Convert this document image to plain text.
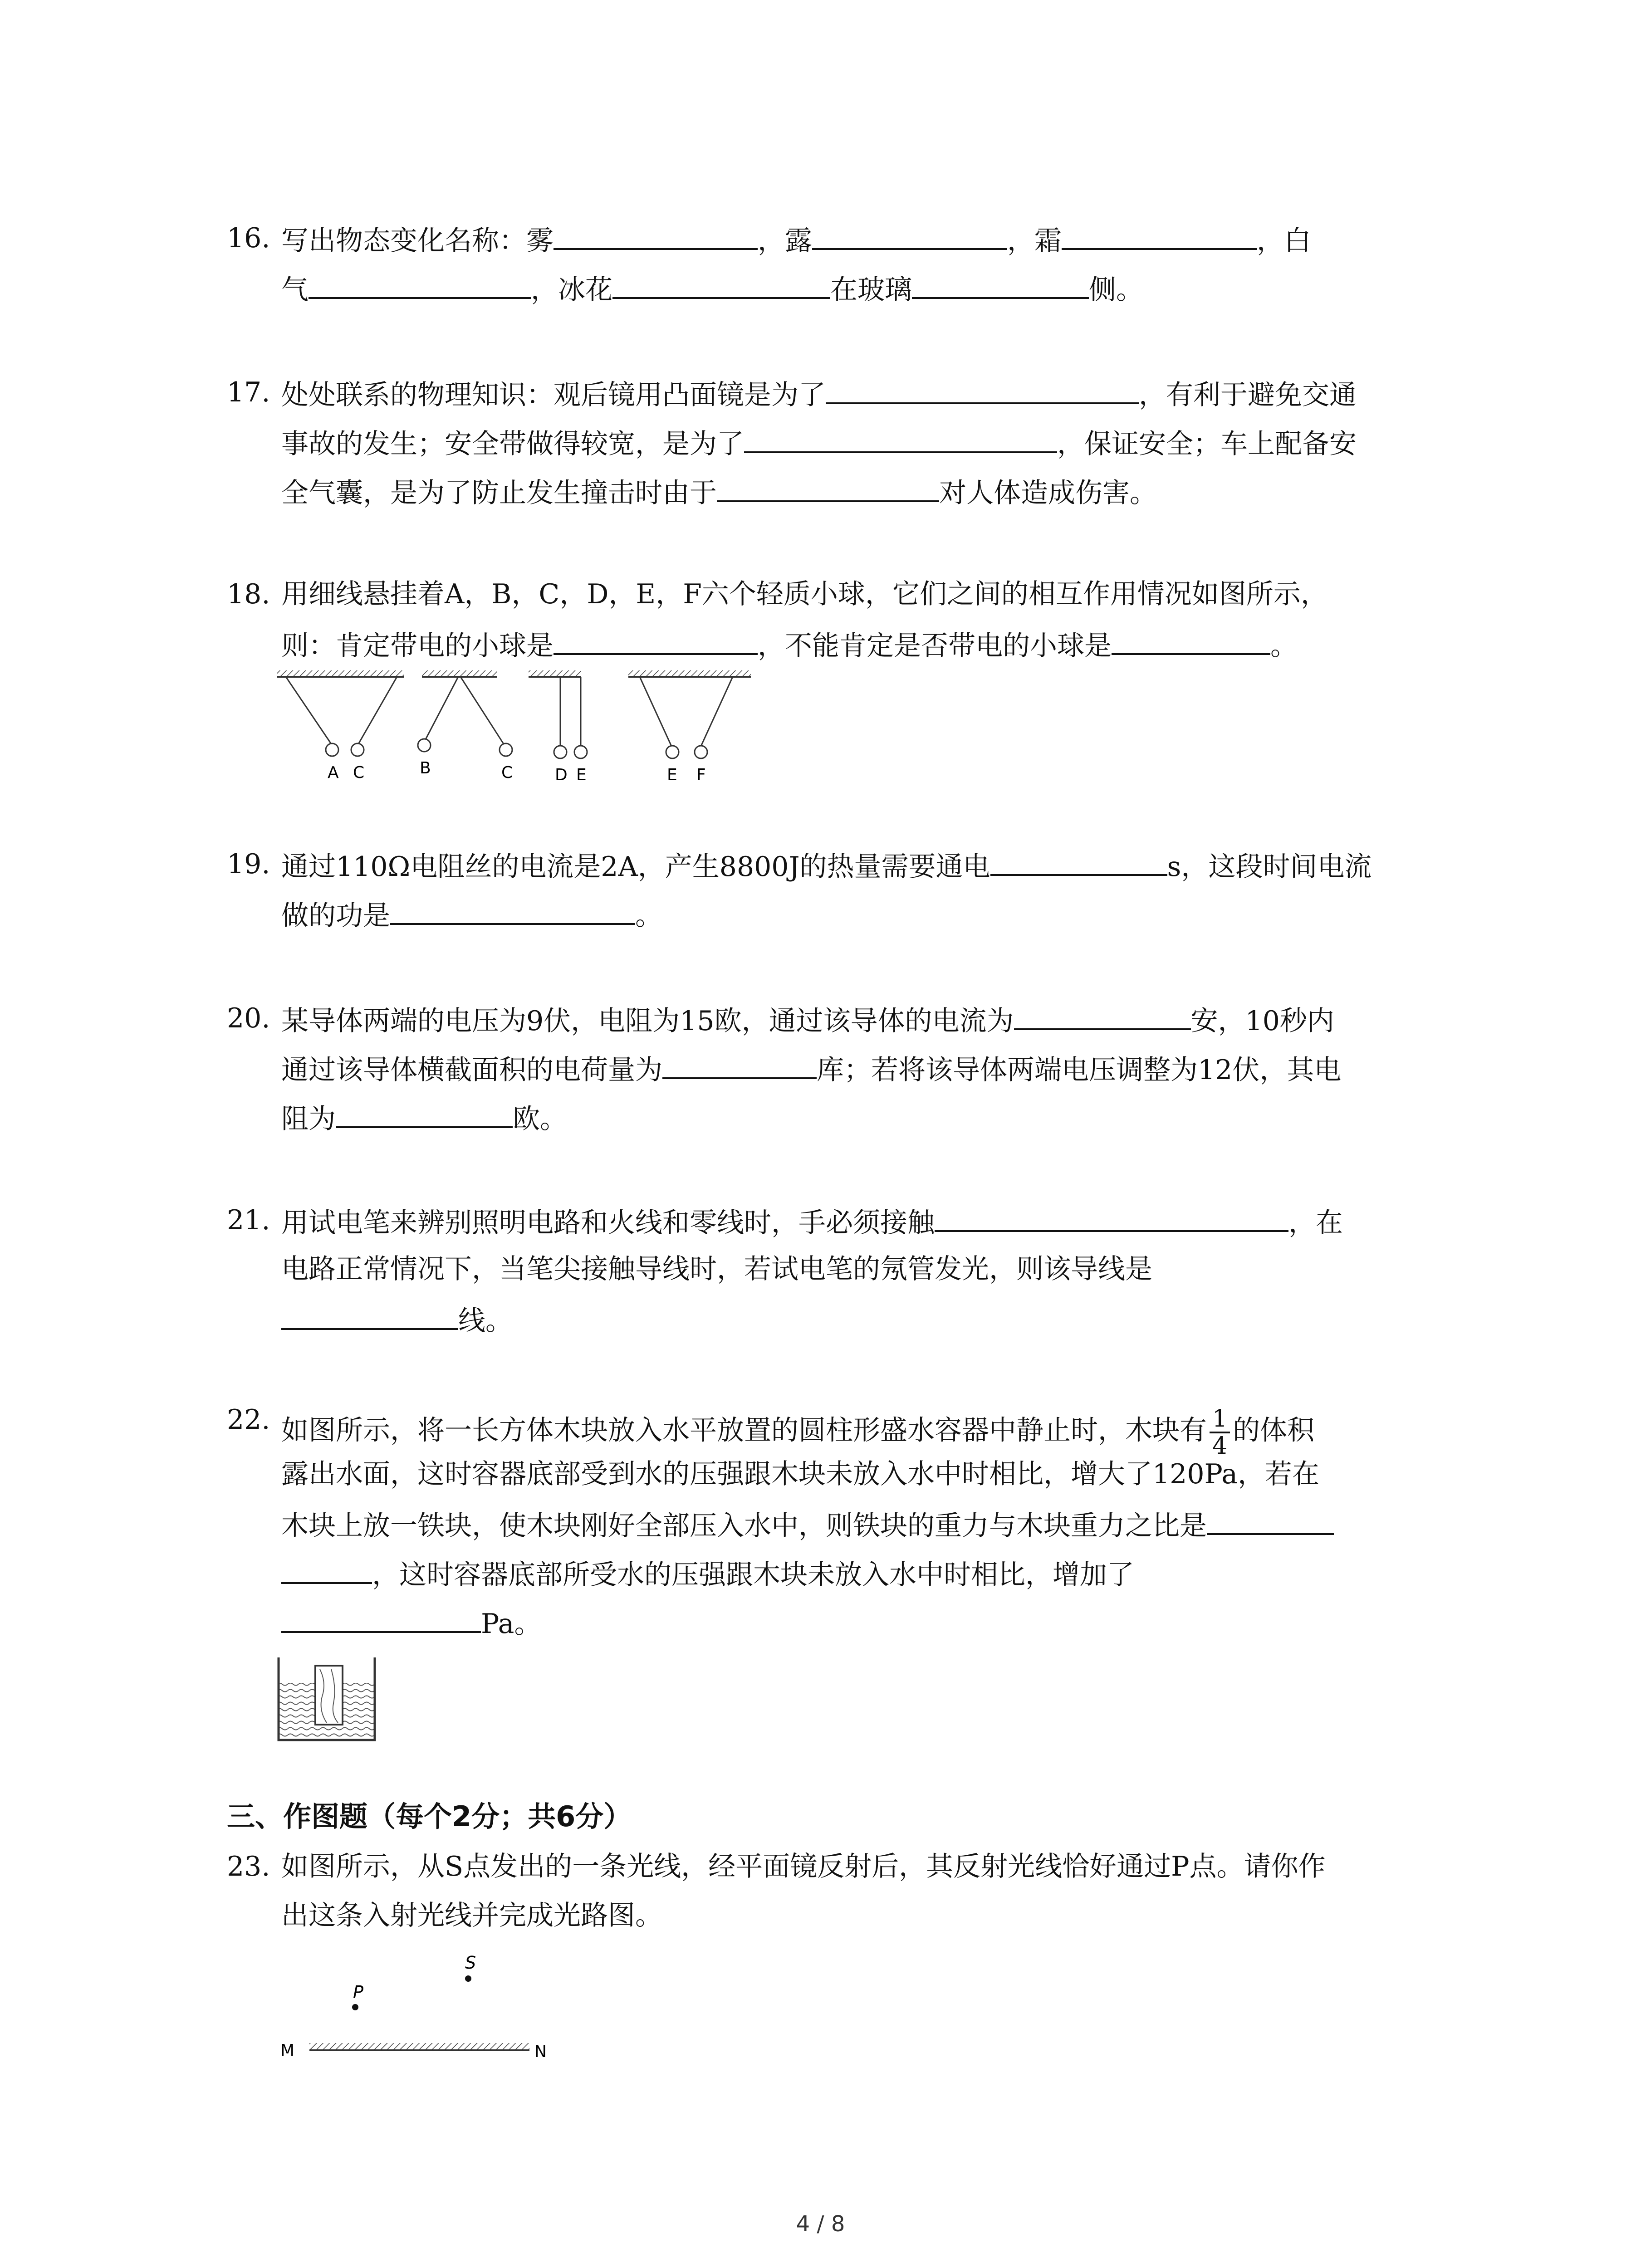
16. 写出物态变化名称：雾	，露	，霜	，白
气	，冰花	在玻璃	侧。
17. 处处联系的物理知识：观后镜用凸面镜是为了	，有利于避免交通
事故的发生；安全带做得较宽，是为了	，保证安全；车上配备安
全气囊，是为了防止发生撞击时由于	对人体造成伤害。
18. 用细线悬挂着A，B，C，D，E，F六个轻质小球，它们之间的相互作用情况如图所示，
则：肯定带电的小球是	，不能肯定是否带电的小球是	。
A C	B	C	D E	E F
19. 通过110Ω电阻丝的电流是2A，产生8800J的热量需要通电	s，这段时间电流
做的功是	。
20. 某导体两端的电压为9伏，电阻为15欧，通过该导体的电流为	安，10秒内
通过该导体横截面积的电荷量为	库；若将该导体两端电压调整为12伏，其电
阻为	欧。
21. 用试电笔来辨别照明电路和火线和零线时，手必须接触	，在
电路正常情况下，当笔尖接触导线时，若试电笔的氖管发光，则该导线是
线。
22. 如图所示，将一长方体木块放入水平放置的圆柱形盛水容器中静止时，木块有 $\frac{1}{4}$ 的体积
露出水面，这时容器底部受到水的压强跟木块未放入水中时相比，增大了120Pa，若在
木块上放一铁块，使木块刚好全部压入水中，则铁块的重力与木块重力之比是
，这时容器底部所受水的压强跟木块未放入水中时相比，增加了
Pa。
三、作图题（每个2分；共6分）
23. 如图所示，从S点发出的一条光线，经平面镜反射后，其反射光线恰好通过P点。请你作
出这条入射光线并完成光路图。
S
P
M	N
4 / 8
